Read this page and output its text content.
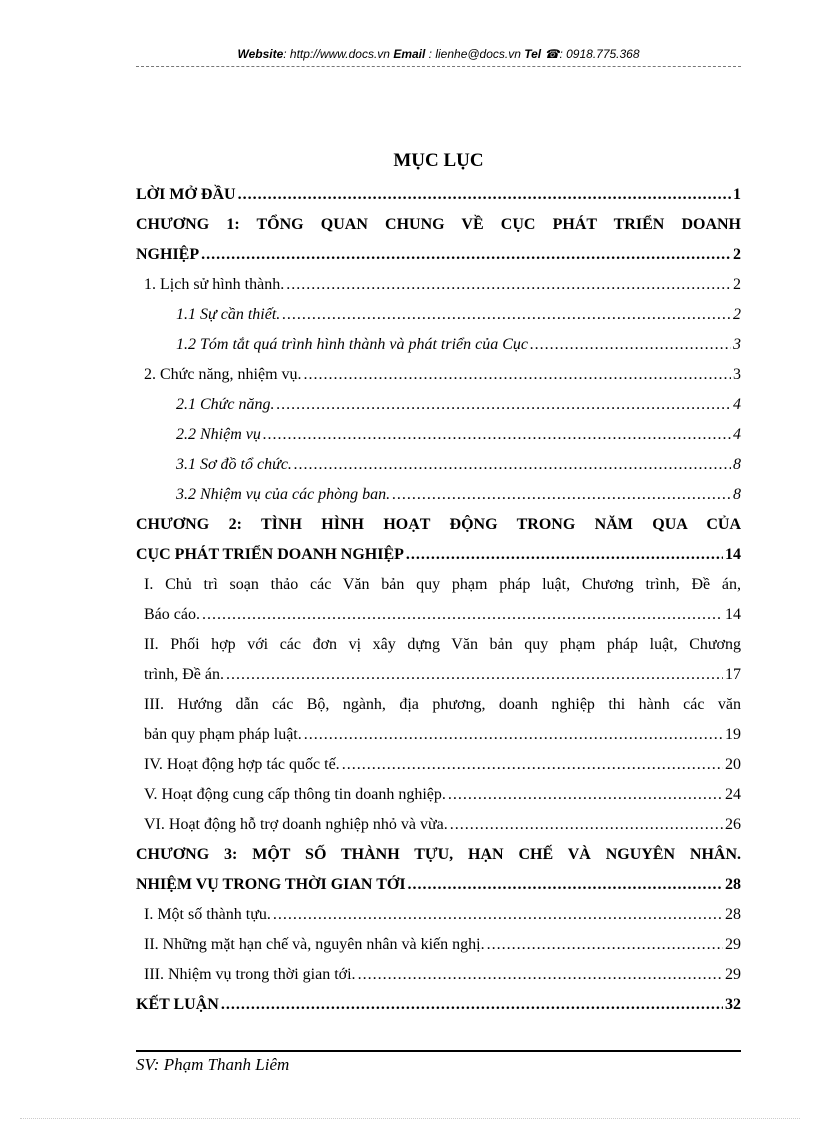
Website: http://www.docs.vn Email : lienhe@docs.vn Tel ☎: 0918.775.368
MỤC LỤC
LỜI MỞ ĐẦU .....	1
CHƯƠNG 1: TỔNG QUAN CHUNG VỀ CỤC PHÁT TRIỂN DOANH
NGHIỆP .....	2
1. Lịch sử hình thành. .....	2
1.1 Sự cần thiết. .....	2
1.2 Tóm tắt quá trình hình thành và phát triển của Cục .....	3
2. Chức năng, nhiệm vụ. .....	3
2.1 Chức năng. .....	4
2.2 Nhiệm vụ .....	4
3.1 Sơ đồ tổ chức. .....	8
3.2 Nhiệm vụ của các phòng ban. .....	8
CHƯƠNG 2: TÌNH HÌNH HOẠT ĐỘNG TRONG NĂM QUA CỦA
CỤC PHÁT TRIỂN DOANH NGHIỆP .....	14
I. Chủ trì soạn thảo các Văn bản quy phạm pháp luật, Chương trình, Đề án,
Báo cáo. .....	14
II. Phối hợp với các đơn vị xây dựng Văn bản quy phạm pháp luật, Chương
trình, Đề án. .....	17
III. Hướng dẫn các Bộ, ngành, địa phương, doanh nghiệp thi hành các văn
bản quy phạm pháp luật. .....	19
IV. Hoạt động hợp tác quốc tế. .....	20
V. Hoạt động cung cấp thông tin doanh nghiệp. .....	24
VI. Hoạt động hỗ trợ doanh nghiệp nhỏ và vừa. .....	26
CHƯƠNG 3: MỘT SỐ THÀNH TỰU, HẠN CHẾ VÀ NGUYÊN NHÂN.
NHIỆM VỤ TRONG THỜI GIAN TỚI .....	28
I. Một số thành tựu. .....	28
II. Những mặt hạn chế và, nguyên nhân và kiến nghị. .....	29
III. Nhiệm vụ trong thời gian tới. .....	29
KẾT LUẬN .....	32
SV: Phạm Thanh Liêm
